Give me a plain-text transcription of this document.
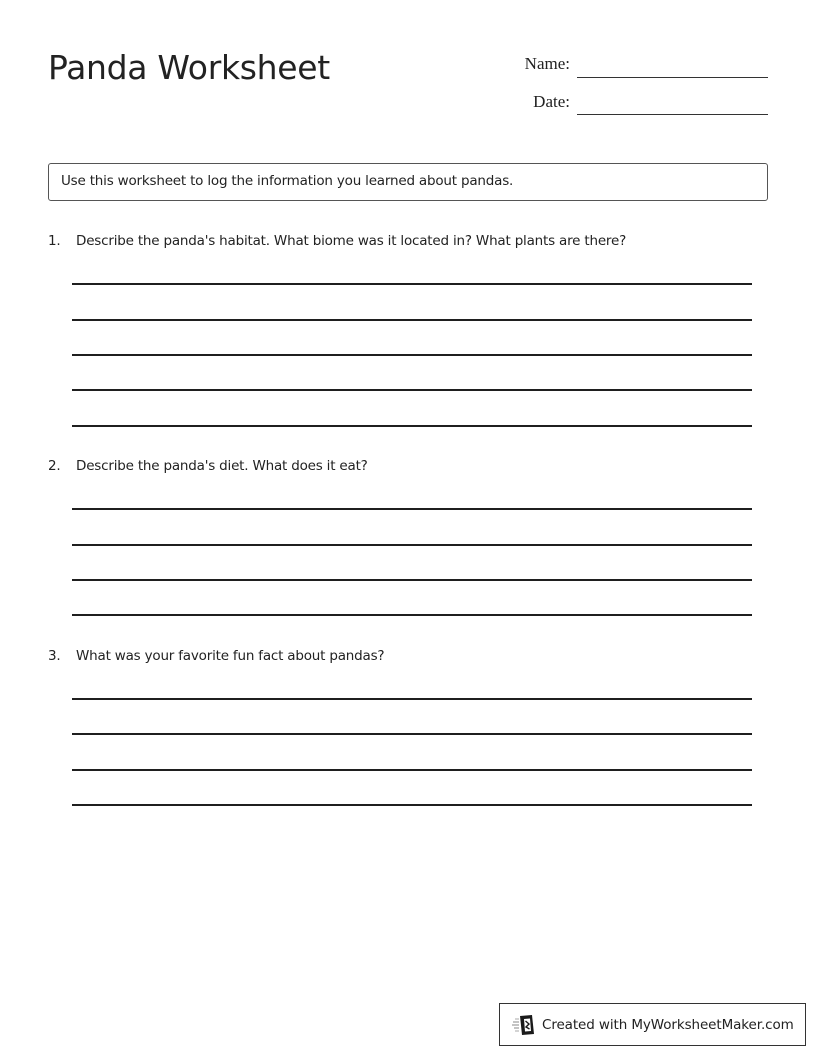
Panda Worksheet	Name:
Date:
Use this worksheet to log the information you learned about pandas.
1. Describe the panda's habitat. What biome was it located in? What plants are there?
2. Describe the panda's diet. What does it eat?
3. What was your favorite fun fact about pandas?
Created with MyWorksheetMaker.com
